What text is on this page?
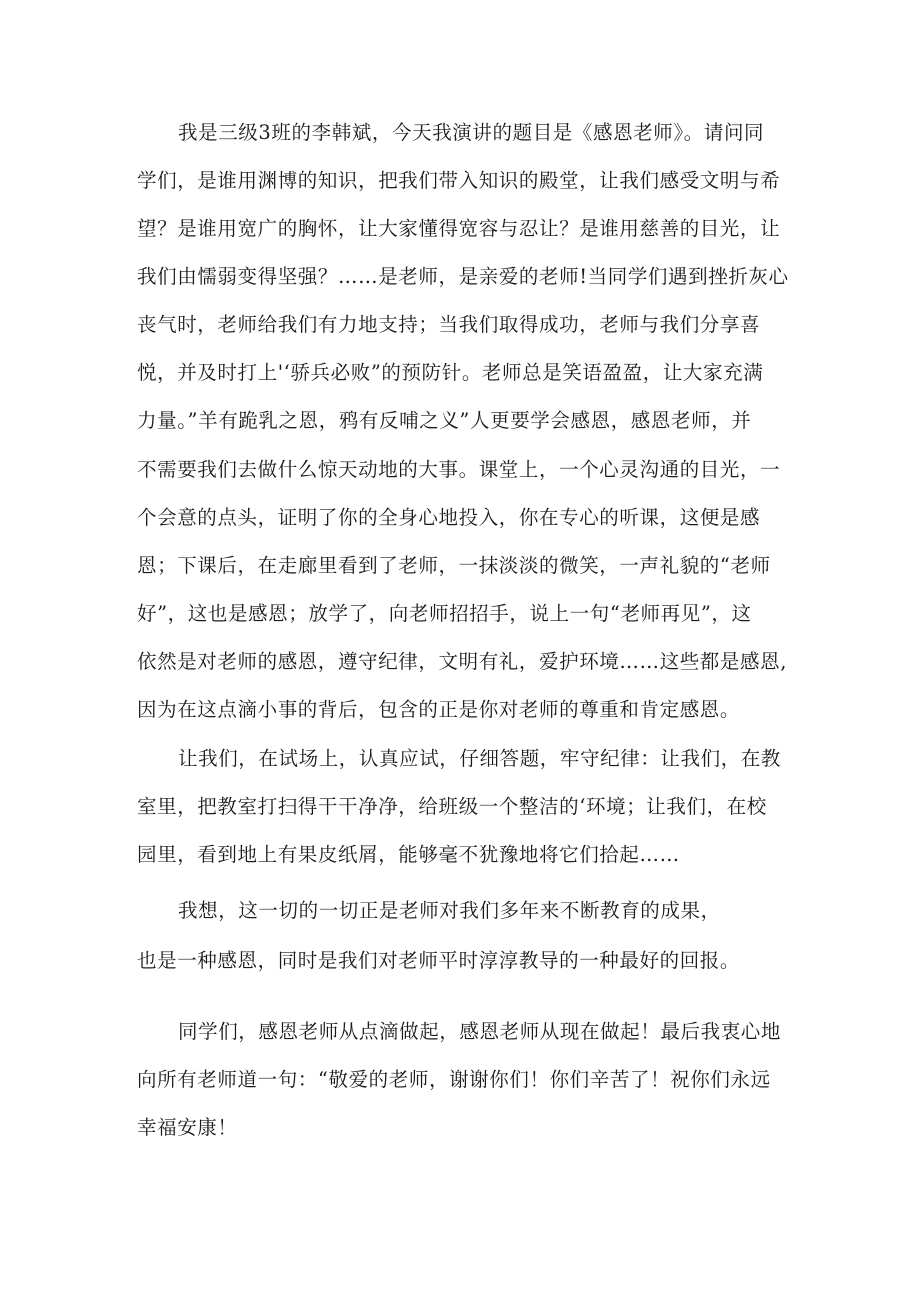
我是三级3班的李韩斌，今天我演讲的题目是《感恩老师》。请问同

学们，是谁用渊博的知识，把我们带入知识的殿堂，让我们感受文明与希

望？是谁用宽广的胸怀，让大家懂得宽容与忍让？是谁用慈善的目光，让

我们由懦弱变得坚强？……是老师，是亲爱的老师!当同学们遇到挫折灰心

丧气时，老师给我们有力地支持；当我们取得成功，老师与我们分享喜

悦，并及时打上'‘骄兵必败”的预防针。老师总是笑语盈盈，让大家充满

力量。”羊有跪乳之恩，鸦有反哺之义”人更要学会感恩，感恩老师，并

不需要我们去做什么惊天动地的大事。课堂上，一个心灵沟通的目光，一

个会意的点头，证明了你的全身心地投入，你在专心的听课，这便是感

恩；下课后，在走廊里看到了老师，一抹淡淡的微笑，一声礼貌的“老师

好”，这也是感恩；放学了，向老师招招手，说上一句“老师再见”，这

依然是对老师的感恩，遵守纪律，文明有礼，爱护环境……这些都是感恩,

因为在这点滴小事的背后，包含的正是你对老师的尊重和肯定感恩。

让我们，在试场上，认真应试，仔细答题，牢守纪律：让我们，在教

室里，把教室打扫得干干净净，给班级一个整洁的‘环境；让我们，在校

园里，看到地上有果皮纸屑，能够毫不犹豫地将它们拾起……

我想，这一切的一切正是老师对我们多年来不断教育的成果，

也是一种感恩，同时是我们对老师平时淳淳教导的一种最好的回报。

同学们，感恩老师从点滴做起，感恩老师从现在做起！最后我衷心地

向所有老师道一句：“敬爱的老师，谢谢你们！你们辛苦了！祝你们永远

幸福安康！
